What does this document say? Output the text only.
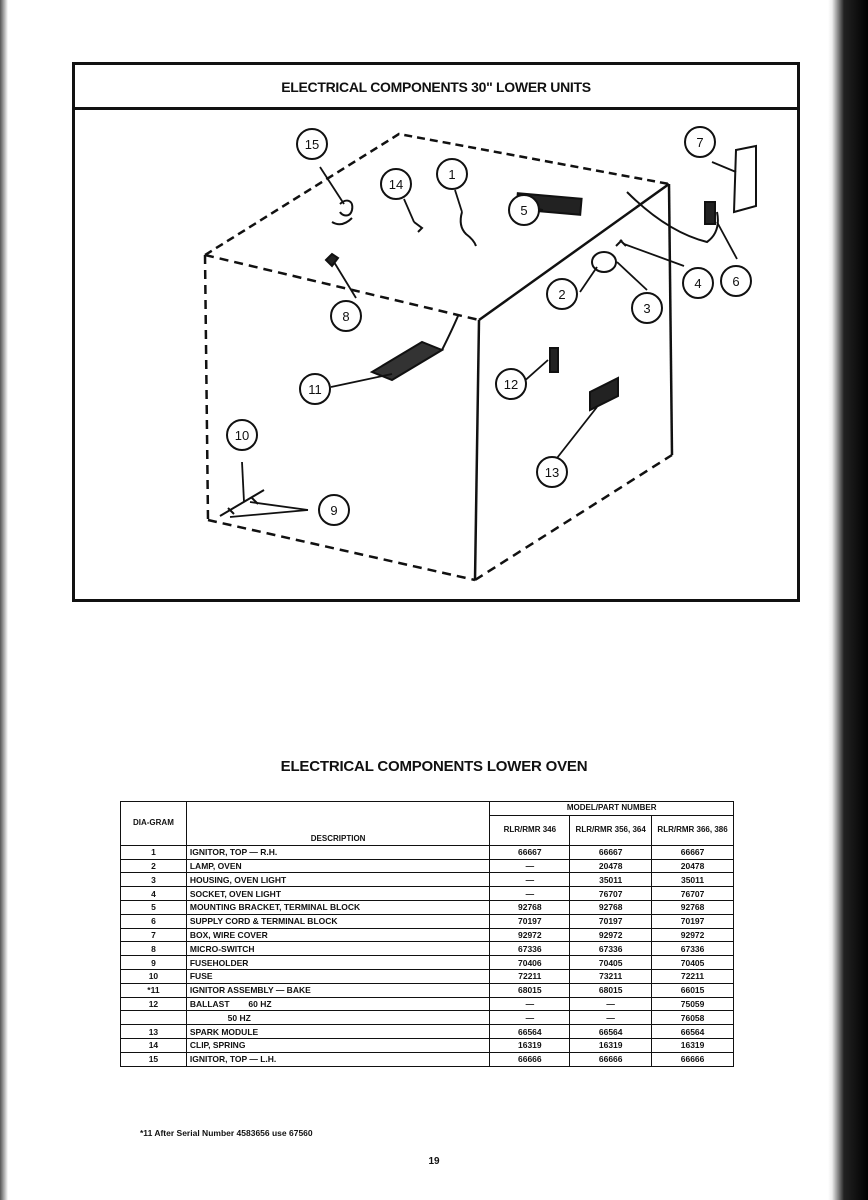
ELECTRICAL COMPONENTS 30" LOWER UNITS
15
14
1
5
7
2
3
4 6
8
11	12
10
13
9
ELECTRICAL COMPONENTS LOWER OVEN
DIA-GRAM	DESCRIPTION	MODEL/PART NUMBER		
		RLR/RMR 346	RLR/RMR 356, 364	RLR/RMR 366, 386
1	IGNITOR, TOP — R.H.	66667	66667	66667
2	LAMP, OVEN	—	20478	20478
3	HOUSING, OVEN LIGHT	—	35011	35011
4	SOCKET, OVEN LIGHT	—	76707	76707
5	MOUNTING BRACKET, TERMINAL BLOCK	92768	92768	92768
6	SUPPLY CORD & TERMINAL BLOCK	70197	70197	70197
7	BOX, WIRE COVER	92972	92972	92972
8	MICRO-SWITCH	67336	67336	67336
9	FUSEHOLDER	70406	70405	70405
10	FUSE	72211	73211	72211
*11	IGNITOR ASSEMBLY — BAKE	68015	68015	66015
12	BALLAST        60 HZ	—	—	75059
	50 HZ	—	—	76058
13	SPARK MODULE	66564	66564	66564
14	CLIP, SPRING	16319	16319	16319
15	IGNITOR, TOP — L.H.	66666	66666	66666
*11 After Serial Number 4583656 use 67560
19
